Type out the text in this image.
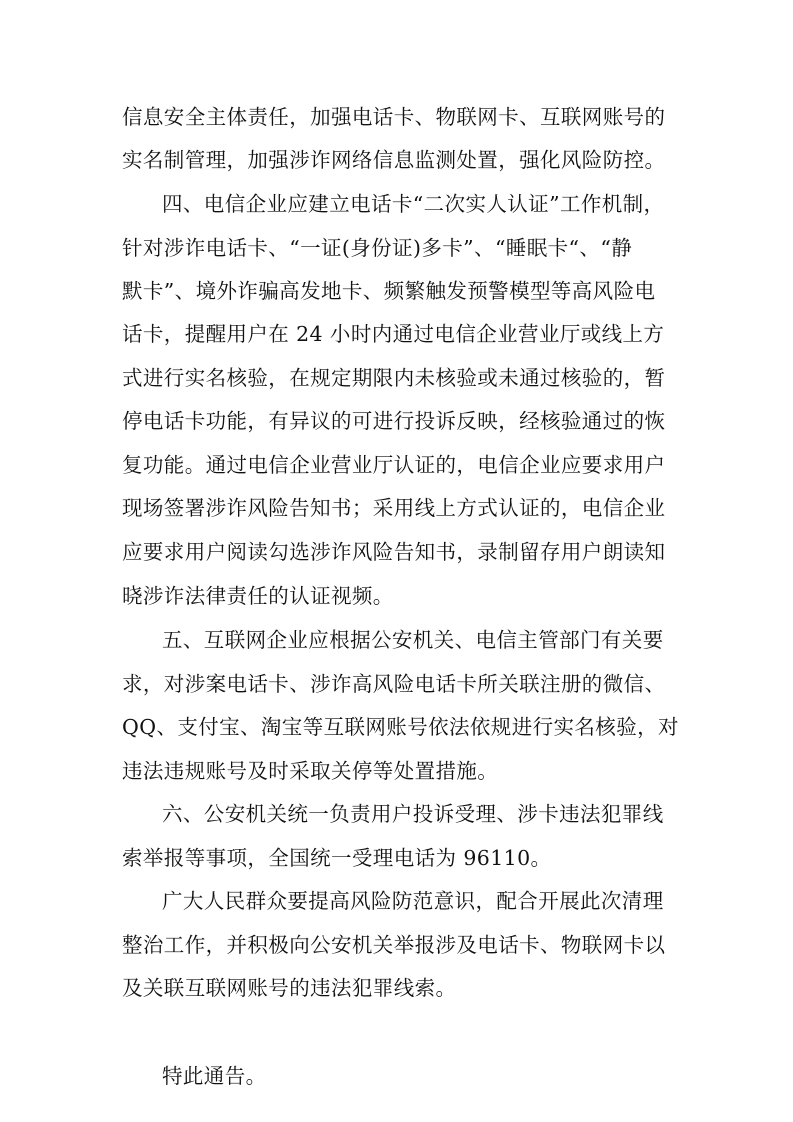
信息安全主体责任，加强电话卡、物联网卡、互联网账号的
实名制管理，加强涉诈网络信息监测处置，强化风险防控。
四、电信企业应建立电话卡“二次实人认证”工作机制，
针对涉诈电话卡、“一证(身份证)多卡”、“睡眠卡“、“静
默卡”、境外诈骗高发地卡、频繁触发预警模型等高风险电
话卡，提醒用户在 24 小时内通过电信企业营业厅或线上方
式进行实名核验，在规定期限内未核验或未通过核验的，暂
停电话卡功能，有异议的可进行投诉反映，经核验通过的恢
复功能。通过电信企业营业厅认证的，电信企业应要求用户
现场签署涉诈风险告知书；采用线上方式认证的，电信企业
应要求用户阅读勾选涉诈风险告知书，录制留存用户朗读知
晓涉诈法律责任的认证视频。
五、互联网企业应根据公安机关、电信主管部门有关要
求，对涉案电话卡、涉诈高风险电话卡所关联注册的微信、
QQ、支付宝、淘宝等互联网账号依法依规进行实名核验，对
违法违规账号及时采取关停等处置措施。
六、公安机关统一负责用户投诉受理、涉卡违法犯罪线
索举报等事项，全国统一受理电话为 96110。
广大人民群众要提高风险防范意识，配合开展此次清理
整治工作，并积极向公安机关举报涉及电话卡、物联网卡以
及关联互联网账号的违法犯罪线索。
特此通告。
